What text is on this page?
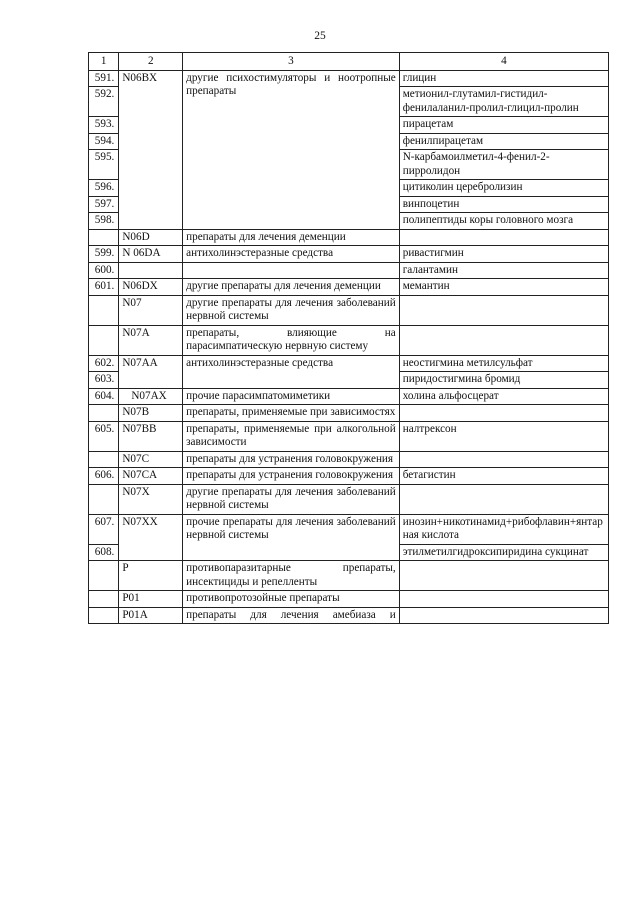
25
1	2	3	4
591.	N06BX	другие психостимуляторы и ноотропные препараты	глицин
592.			метионил-глутамил-гистидил-фенилаланил-пролил-глицил-пролин
593.			пирацетам
594.			фенилпирацетам
595.			N-карбамоилметил-4-фенил-2-пирролидон
596.			цитиколин церебролизин
597.			винпоцетин
598.			полипептиды коры головного мозга
	N06D	препараты для лечения деменции	
599.	N 06DA	антихолинэстеразные средства	ривастигмин
600.			галантамин
601.	N06DX	другие препараты для лечения деменции	мемантин
	N07	другие препараты для лечения заболеваний нервной системы	
	N07A	препараты, влияющие на парасимпатическую нервную систему	
602.	N07AA	антихолинэстеразные средства	неостигмина метилсульфат
603.			пиридостигмина бромид
604.	N07AX	прочие парасимпатомиметики	холина альфосцерат
	N07B	препараты, применяемые при зависимостях	
605.	N07BB	препараты, применяемые при алкогольной зависимости	налтрексон
	N07C	препараты для устранения головокружения	
606.	N07CA	препараты для устранения головокружения	бетагистин
	N07X	другие препараты для лечения заболеваний нервной системы	
607.	N07XX	прочие препараты для лечения заболеваний нервной системы	инозин+никотинамид+рибофлавин+янтарная кислота
608.			этилметилгидроксипиридина сукцинат
	P	противопаразитарные препараты, инсектициды и репелленты	
	P01	противопротозойные препараты	
	P01A	препараты для лечения амебиаза и	
